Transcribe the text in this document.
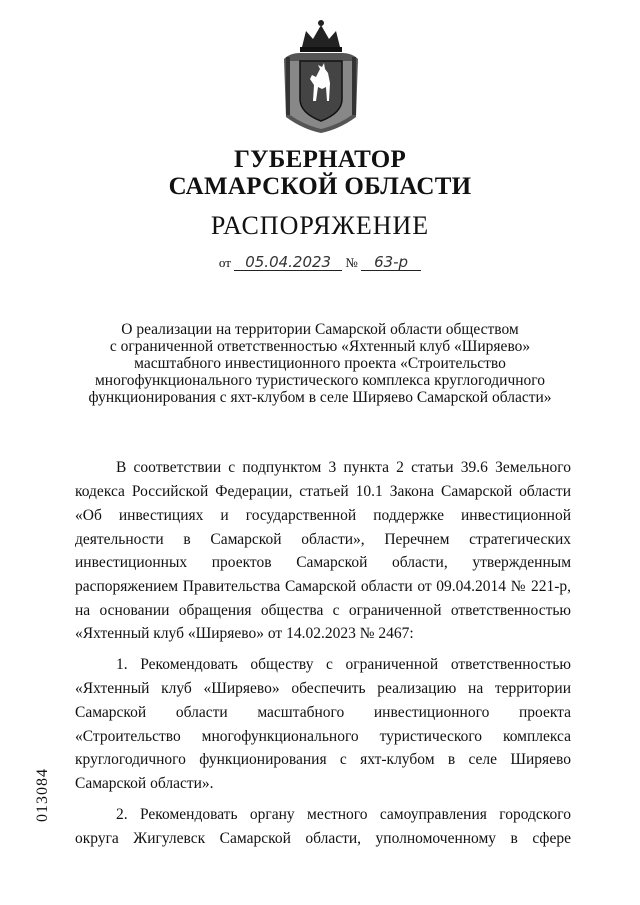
ГУБЕРНАТОР
САМАРСКОЙ ОБЛАСТИ
РАСПОРЯЖЕНИЕ
от 05.04.2023 № 63-р
О реализации на территории Самарской области обществом
с ограниченной ответственностью «Яхтенный клуб «Ширяево»
масштабного инвестиционного проекта «Строительство
многофункционального туристического комплекса круглогодичного
функционирования с яхт-клубом в селе Ширяево Самарской области»
В соответствии с подпунктом 3 пункта 2 статьи 39.6 Земельного
кодекса Российской Федерации, статьей 10.1 Закона Самарской области
«Об инвестициях и государственной поддержке инвестиционной
деятельности в Самарской области», Перечнем стратегических
инвестиционных проектов Самарской области, утвержденным
распоряжением Правительства Самарской области от 09.04.2014 № 221-р,
на основании обращения общества с ограниченной ответственностью
«Яхтенный клуб «Ширяево» от 14.02.2023 № 2467:
1. Рекомендовать обществу с ограниченной ответственностью
«Яхтенный клуб «Ширяево» обеспечить реализацию на территории
Самарской области масштабного инвестиционного проекта
«Строительство многофункционального туристического комплекса
круглогодичного функционирования с яхт-клубом в селе Ширяево
Самарской области».
2. Рекомендовать органу местного самоуправления городского
округа Жигулевск Самарской области, уполномоченному в сфере
013084
